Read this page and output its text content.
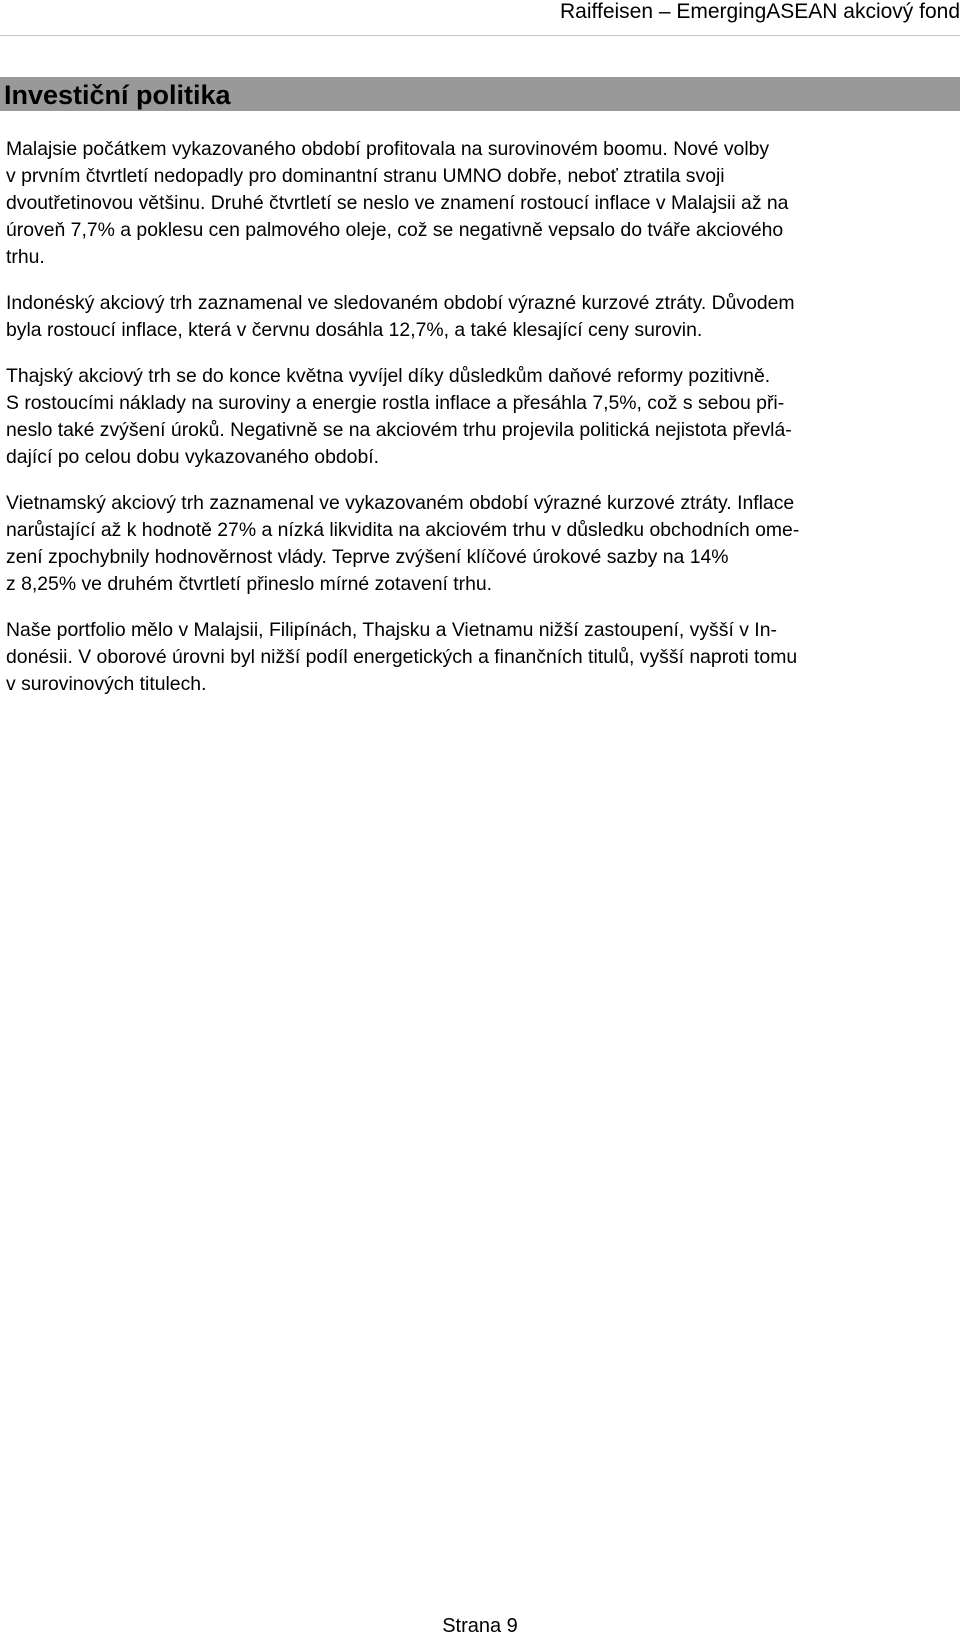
Raiffeisen – EmergingASEAN akciový fond
Investiční politika

Malajsie počátkem vykazovaného období profitovala na surovinovém boomu. Nové volby
v prvním čtvrtletí nedopadly pro dominantní stranu UMNO dobře, neboť ztratila svoji
dvoutřetinovou většinu. Druhé čtvrtletí se neslo ve znamení rostoucí inflace v Malajsii až na
úroveň 7,7% a poklesu cen palmového oleje, což se negativně vepsalo do tváře akciového
trhu.

Indonéský akciový trh zaznamenal ve sledovaném období výrazné kurzové ztráty. Důvodem
byla rostoucí inflace, která v červnu dosáhla 12,7%, a také klesající ceny surovin.

Thajský akciový trh se do konce května vyvíjel díky důsledkům daňové reformy pozitivně.
S rostoucími náklady na suroviny a energie rostla inflace a přesáhla 7,5%, což s sebou při-
neslo také zvýšení úroků. Negativně se na akciovém trhu projevila politická nejistota převlá-
dající po celou dobu vykazovaného období.

Vietnamský akciový trh zaznamenal ve vykazovaném období výrazné kurzové ztráty. Inflace
narůstající až k hodnotě 27% a nízká likvidita na akciovém trhu v důsledku obchodních ome-
zení zpochybnily hodnověrnost vlády. Teprve zvýšení klíčové úrokové sazby na 14%
z 8,25% ve druhém čtvrtletí přineslo mírné zotavení trhu.

Naše portfolio mělo v Malajsii, Filipínách, Thajsku a Vietnamu nižší zastoupení, vyšší v In-
donésii. V oborové úrovni byl nižší podíl energetických a finančních titulů, vyšší naproti tomu
v surovinových titulech.

Strana 9
